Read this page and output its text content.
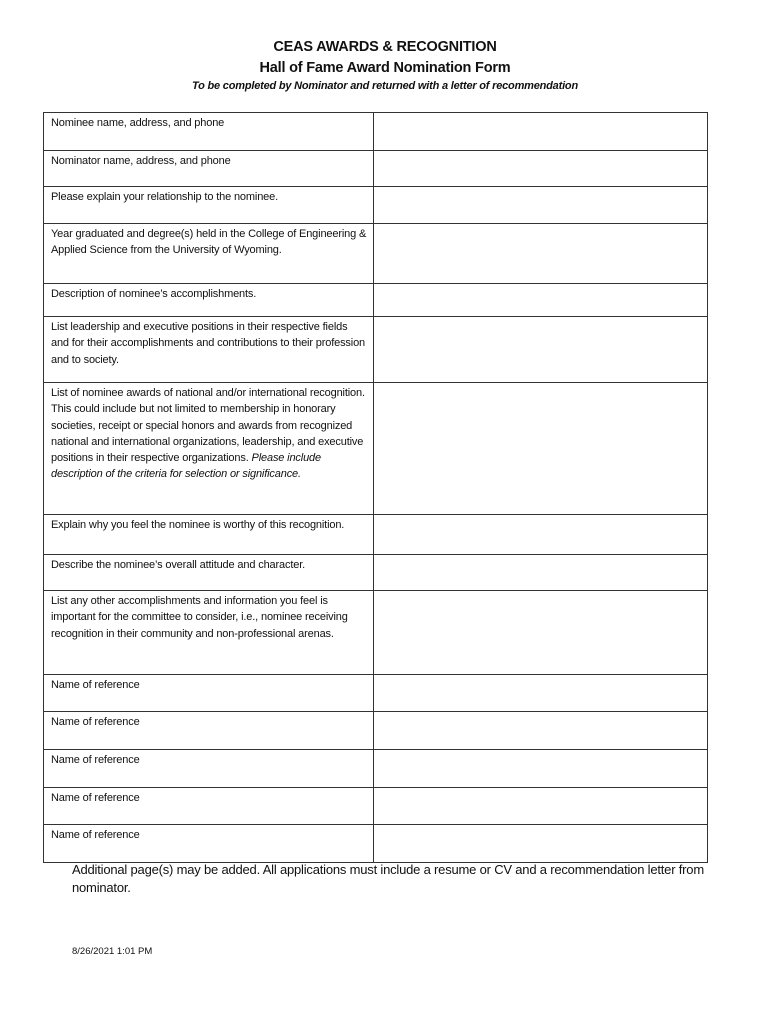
CEAS AWARDS & RECOGNITION
Hall of Fame Award Nomination Form
To be completed by Nominator and returned with a letter of recommendation
Nominee name, address, and phone	
Nominator name, address, and phone	
Please explain your relationship to the nominee.	
Year graduated and degree(s) held in the College of Engineering & Applied Science from the University of Wyoming.	
Description of nominee’s accomplishments.	
List leadership and executive positions in their respective fields and for their accomplishments and contributions to their profession and to society.	
List of nominee awards of national and/or international recognition. This could include but not limited to membership in honorary societies, receipt or special honors and awards from recognized national and international organizations, leadership, and executive positions in their respective organizations. Please include description of the criteria for selection or significance.	
Explain why you feel the nominee is worthy of this recognition.	
Describe the nominee’s overall attitude and character.	
List any other accomplishments and information you feel is important for the committee to consider, i.e., nominee receiving recognition in their community and non-professional arenas.	
Name of reference	
Name of reference	
Name of reference	
Name of reference	
Name of reference	
Additional page(s) may be added. All applications must include a resume or CV and a recommendation letter from nominator.
8/26/2021 1:01 PM
